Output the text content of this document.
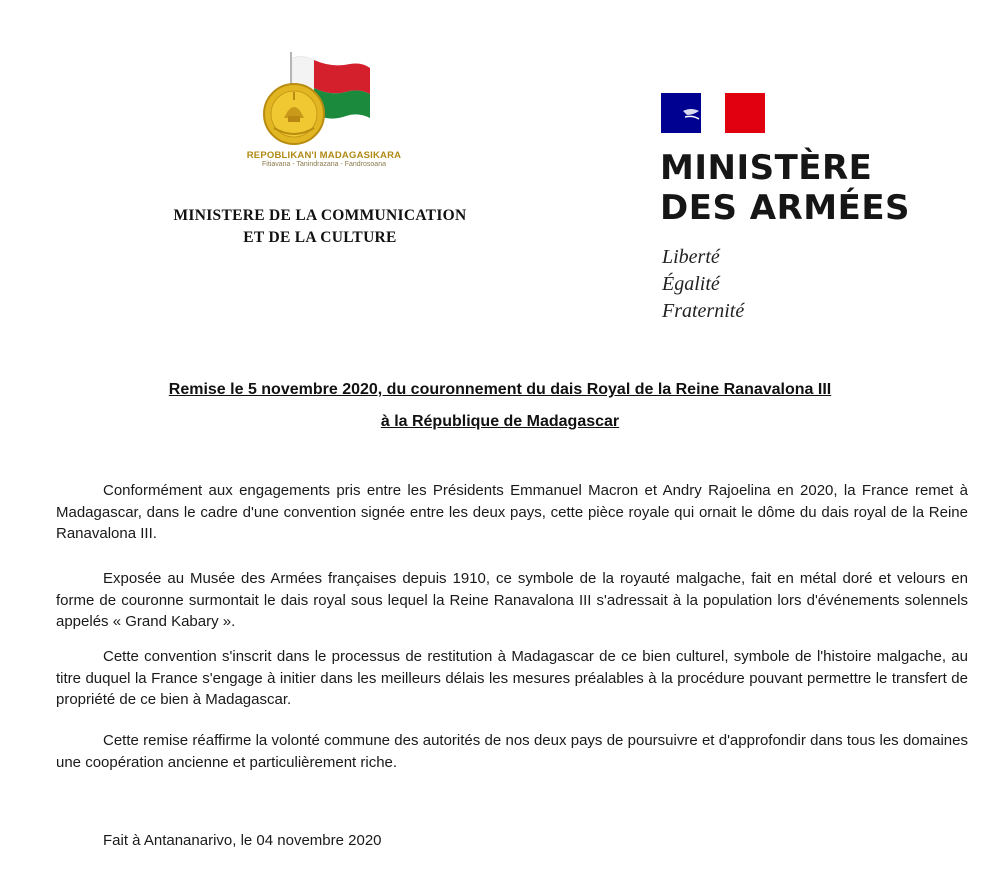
REPOBLIKAN'I MADAGASIKARA
Fitiavana - Tanindrazana - Fandrosoana
MINISTERE DE LA COMMUNICATION
ET DE LA CULTURE
MINISTÈRE
DES ARMÉES
Liberté
Égalité
Fraternité
Remise le 5 novembre 2020, du couronnement du dais Royal de la Reine Ranavalona III
à la République de Madagascar

Conformément aux engagements pris entre les Présidents Emmanuel Macron et Andry Rajoelina en 2020, la France remet à Madagascar, dans le cadre d'une convention signée entre les deux pays, cette pièce royale qui ornait le dôme du dais royal de la Reine Ranavalona III.

Exposée au Musée des Armées françaises depuis 1910, ce symbole de la royauté malgache, fait en métal doré et velours en forme de couronne surmontait le dais royal sous lequel la Reine Ranavalona III s'adressait à la population lors d'événements solennels appelés « Grand Kabary ».

Cette convention s'inscrit dans le processus de restitution à Madagascar de ce bien culturel, symbole de l'histoire malgache, au titre duquel la France s'engage à initier dans les meilleurs délais les mesures préalables à la procédure pouvant permettre le transfert de propriété de ce bien à Madagascar.

Cette remise réaffirme la volonté commune des autorités de nos deux pays de poursuivre et d'approfondir dans tous les domaines une coopération ancienne et particulièrement riche.

Fait à Antananarivo, le 04 novembre 2020
